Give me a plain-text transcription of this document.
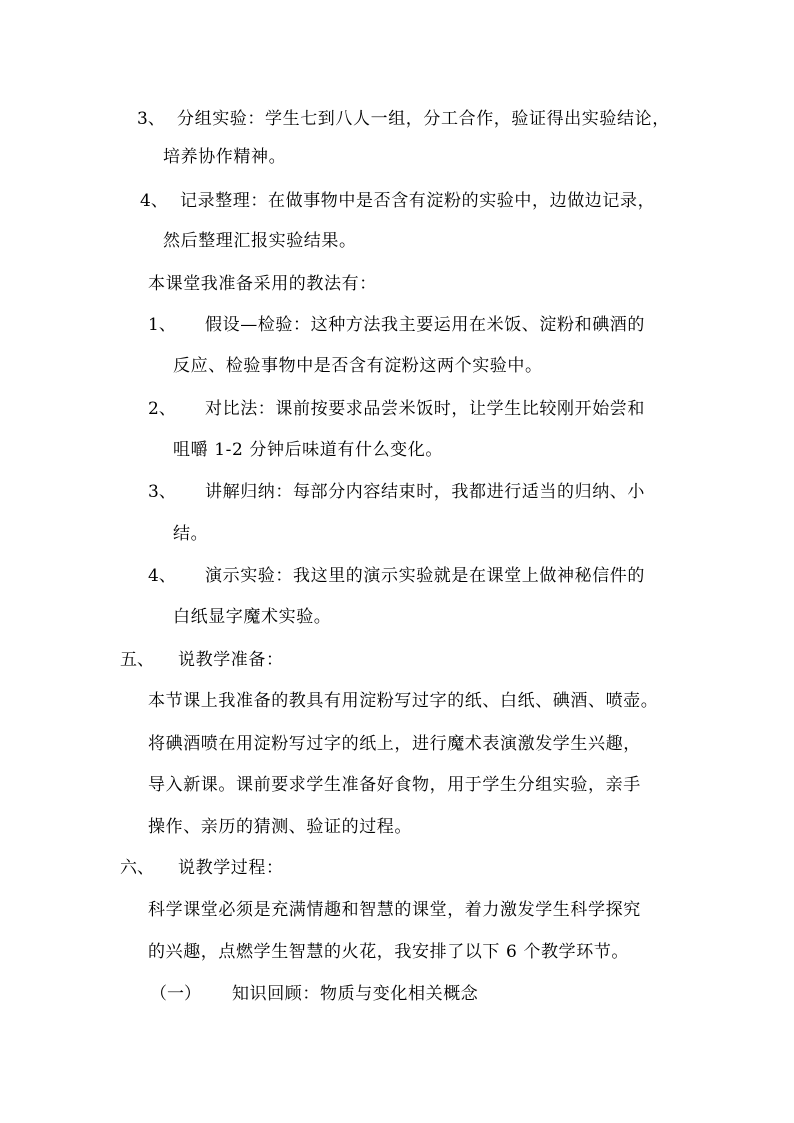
3、 分组实验：学生七到八人一组，分工合作，验证得出实验结论，
培养协作精神。
4、 记录整理：在做事物中是否含有淀粉的实验中，边做边记录，
然后整理汇报实验结果。
本课堂我准备采用的教法有：
1、 假设—检验：这种方法我主要运用在米饭、淀粉和碘酒的
反应、检验事物中是否含有淀粉这两个实验中。
2、 对比法：课前按要求品尝米饭时，让学生比较刚开始尝和
咀嚼 1-2 分钟后味道有什么变化。
3、 讲解归纳：每部分内容结束时，我都进行适当的归纳、小
结。
4、 演示实验：我这里的演示实验就是在课堂上做神秘信件的
白纸显字魔术实验。
五、 说教学准备：
本节课上我准备的教具有用淀粉写过字的纸、白纸、碘酒、喷壶。
将碘酒喷在用淀粉写过字的纸上，进行魔术表演激发学生兴趣，
导入新课。课前要求学生准备好食物，用于学生分组实验，亲手
操作、亲历的猜测、验证的过程。
六、 说教学过程：
科学课堂必须是充满情趣和智慧的课堂，着力激发学生科学探究
的兴趣，点燃学生智慧的火花，我安排了以下 6 个教学环节。
（一） 知识回顾：物质与变化相关概念
